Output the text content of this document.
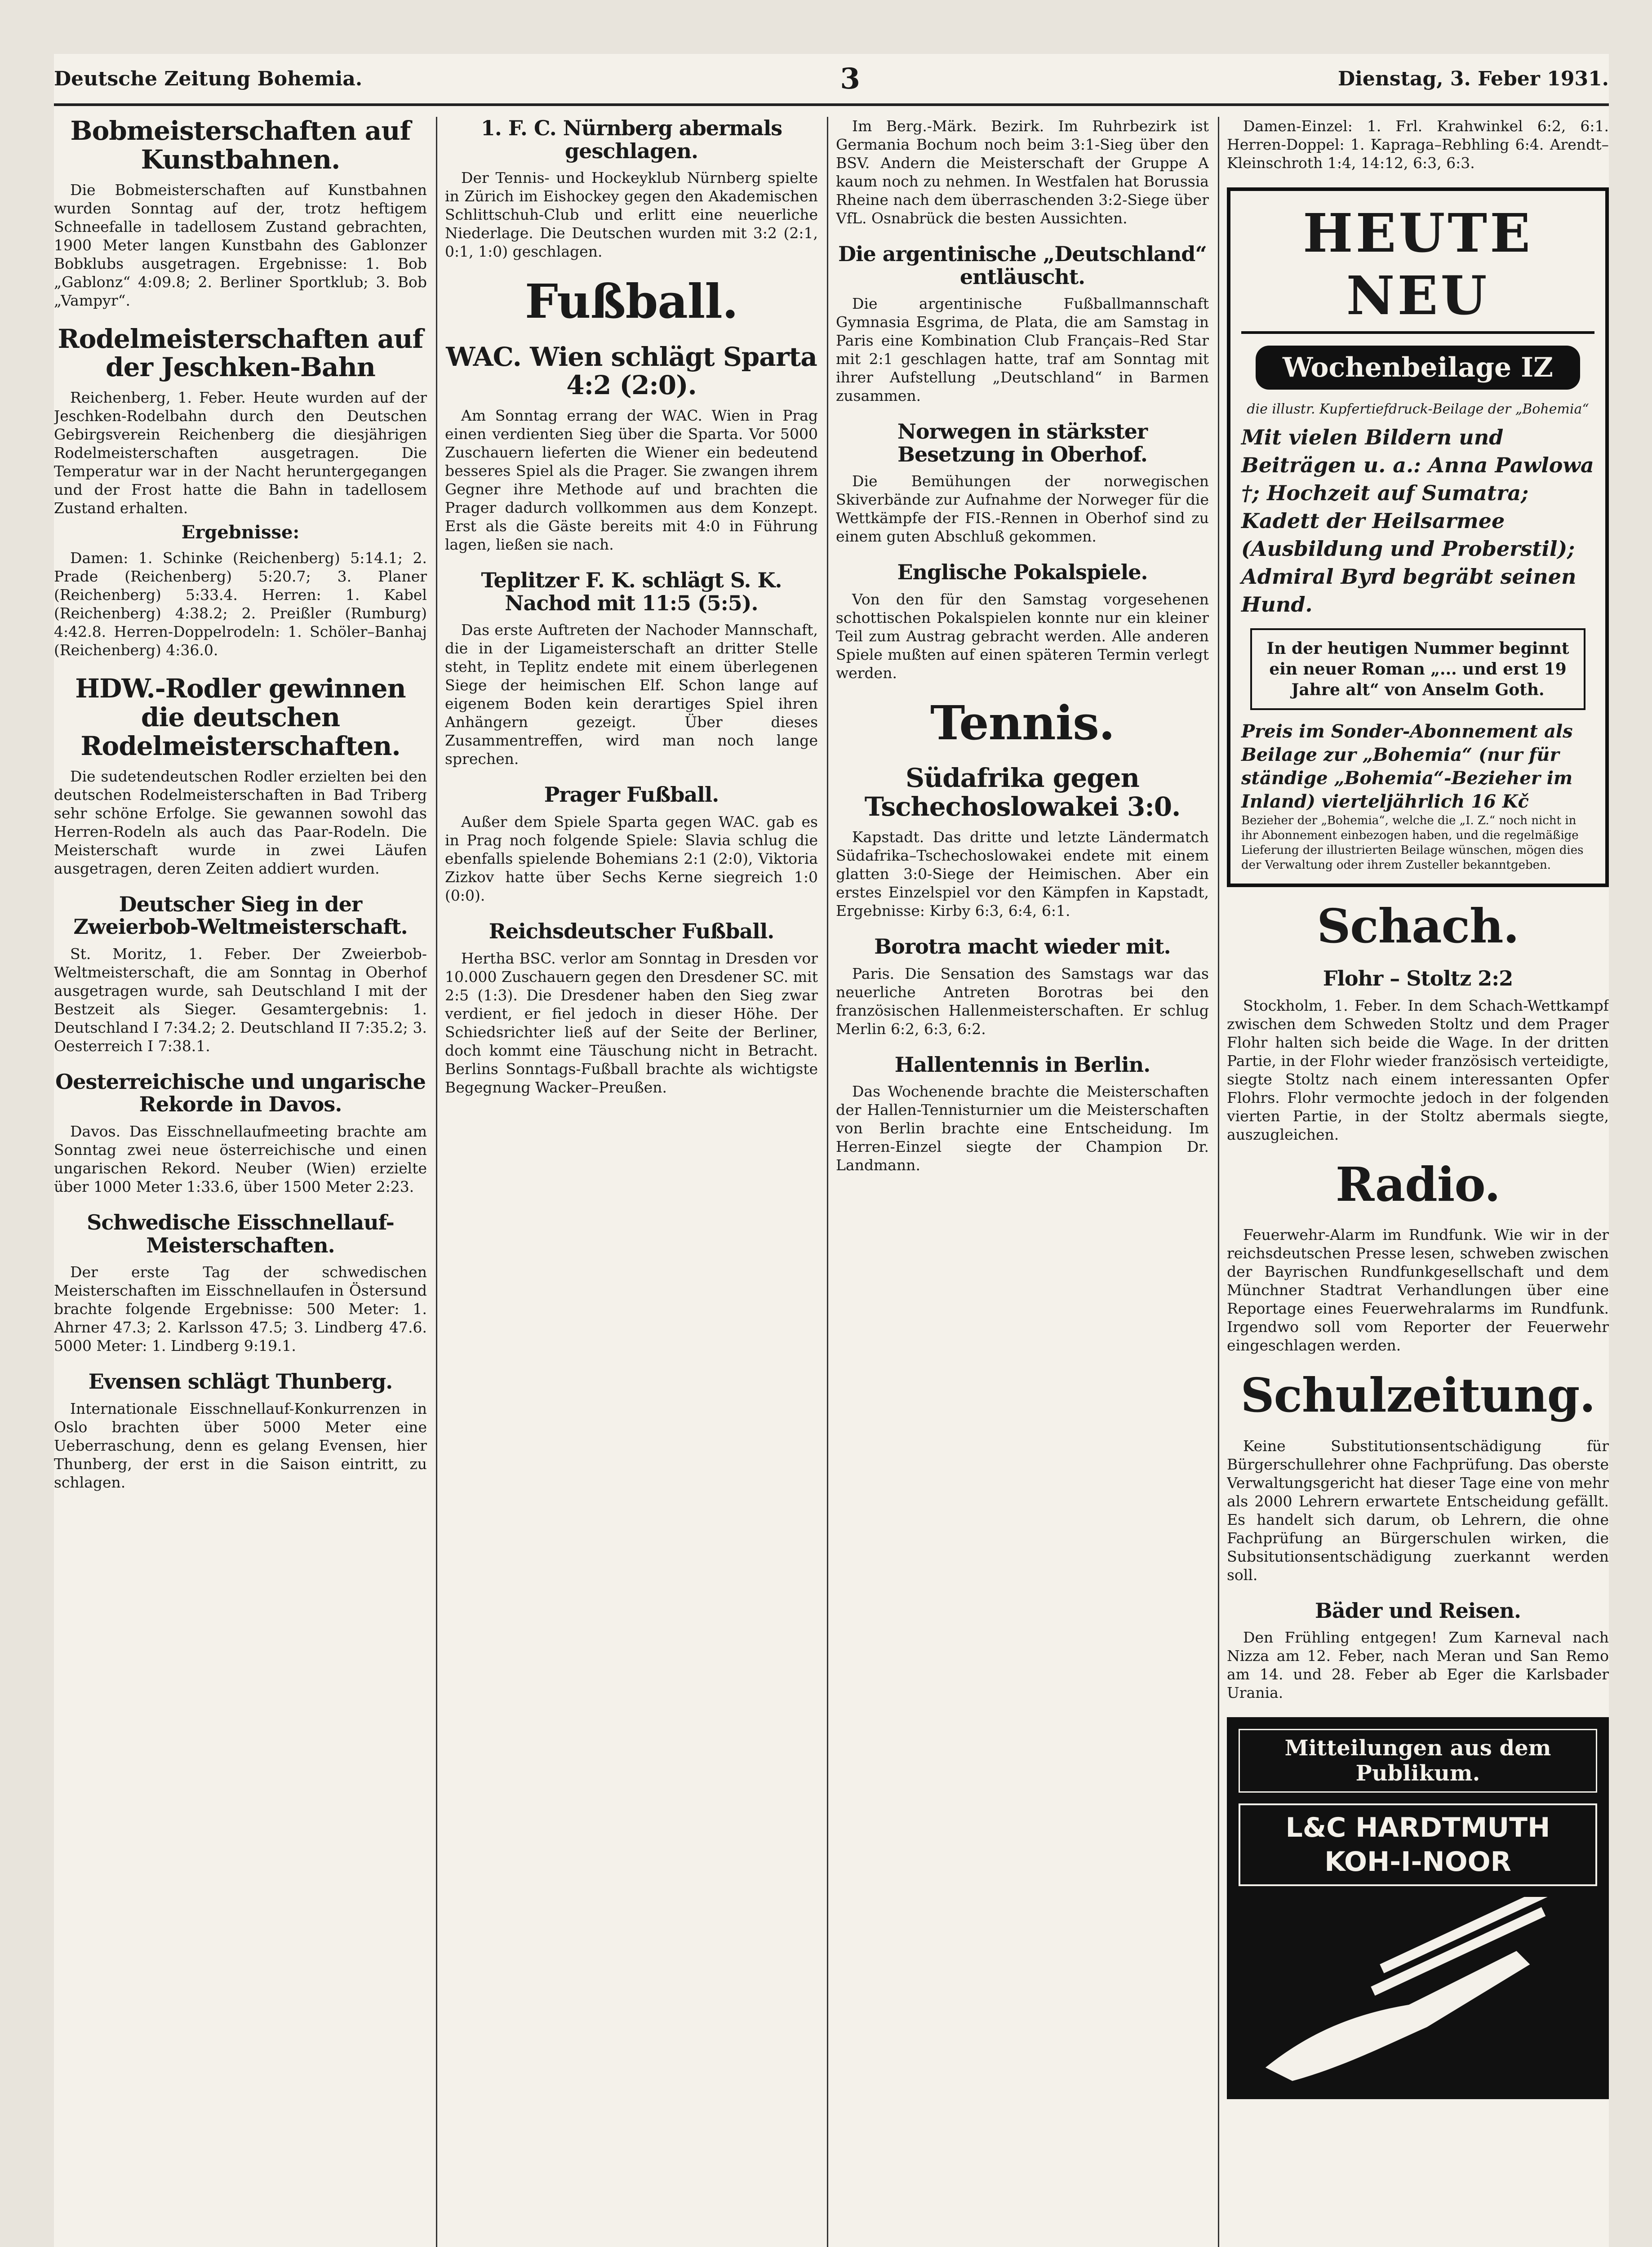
Deutsche Zeitung Bohemia.	3	Dienstag, 3. Feber 1931.
Bobmeisterschaften auf Kunstbahnen.

Die Bobmeisterschaften auf Kunstbahnen wurden Sonntag auf der, trotz heftigem Schneefalle in tadellosem Zustand gebrachten, 1900 Meter langen Kunstbahn des Gablonzer Bobklubs ausgetragen. Ergebnisse: 1. Bob „Gablonz“ 4:09.8; 2. Berliner Sportklub; 3. Bob „Vampyr“.

Rodelmeisterschaften auf der Jeschken-Bahn

Reichenberg, 1. Feber. Heute wurden auf der Jeschken-Rodelbahn durch den Deutschen Gebirgsverein Reichenberg die diesjährigen Rodelmeisterschaften ausgetragen. Die Temperatur war in der Nacht heruntergegangen und der Frost hatte die Bahn in tadellosem Zustand erhalten.

Ergebnisse:

Damen: 1. Schinke (Reichenberg) 5:14.1; 2. Prade (Reichenberg) 5:20.7; 3. Planer (Reichenberg) 5:33.4. Herren: 1. Kabel (Reichenberg) 4:38.2; 2. Preißler (Rumburg) 4:42.8. Herren-Doppelrodeln: 1. Schöler–Banhaj (Reichenberg) 4:36.0.

HDW.-Rodler gewinnen die deutschen Rodelmeisterschaften.

Die sudetendeutschen Rodler erzielten bei den deutschen Rodelmeisterschaften in Bad Triberg sehr schöne Erfolge. Sie gewannen sowohl das Herren-Rodeln als auch das Paar-Rodeln. Die Meisterschaft wurde in zwei Läufen ausgetragen, deren Zeiten addiert wurden.

Deutscher Sieg in der Zweierbob-Weltmeisterschaft.

St. Moritz, 1. Feber. Der Zweierbob-Weltmeisterschaft, die am Sonntag in Oberhof ausgetragen wurde, sah Deutschland I mit der Bestzeit als Sieger. Gesamtergebnis: 1. Deutschland I 7:34.2; 2. Deutschland II 7:35.2; 3. Oesterreich I 7:38.1.

Oesterreichische und ungarische Rekorde in Davos.

Davos. Das Eisschnellaufmeeting brachte am Sonntag zwei neue österreichische und einen ungarischen Rekord. Neuber (Wien) erzielte über 1000 Meter 1:33.6, über 1500 Meter 2:23.

Schwedische Eisschnellauf-Meisterschaften.

Der erste Tag der schwedischen Meisterschaften im Eisschnellaufen in Östersund brachte folgende Ergebnisse: 500 Meter: 1. Ahrner 47.3; 2. Karlsson 47.5; 3. Lindberg 47.6. 5000 Meter: 1. Lindberg 9:19.1.

Evensen schlägt Thunberg.

Internationale Eisschnellauf-Konkurrenzen in Oslo brachten über 5000 Meter eine Ueberraschung, denn es gelang Evensen, hier Thunberg, der erst in die Saison eintritt, zu schlagen.

1. F. C. Nürnberg abermals geschlagen.

Der Tennis- und Hockeyklub Nürnberg spielte in Zürich im Eishockey gegen den Akademischen Schlittschuh-Club und erlitt eine neuerliche Niederlage. Die Deutschen wurden mit 3:2 (2:1, 0:1, 1:0) geschlagen.

Fußball.
WAC. Wien schlägt Sparta 4:2 (2:0).

Am Sonntag errang der WAC. Wien in Prag einen verdienten Sieg über die Sparta. Vor 5000 Zuschauern lieferten die Wiener ein bedeutend besseres Spiel als die Prager. Sie zwangen ihrem Gegner ihre Methode auf und brachten die Prager dadurch vollkommen aus dem Konzept. Erst als die Gäste bereits mit 4:0 in Führung lagen, ließen sie nach.

Teplitzer F. K. schlägt S. K. Nachod mit 11:5 (5:5).

Das erste Auftreten der Nachoder Mannschaft, die in der Ligameisterschaft an dritter Stelle steht, in Teplitz endete mit einem überlegenen Siege der heimischen Elf. Schon lange auf eigenem Boden kein derartiges Spiel ihren Anhängern gezeigt. Über dieses Zusammentreffen, wird man noch lange sprechen.

Prager Fußball.

Außer dem Spiele Sparta gegen WAC. gab es in Prag noch folgende Spiele: Slavia schlug die ebenfalls spielende Bohemians 2:1 (2:0), Viktoria Zizkov hatte über Sechs Kerne siegreich 1:0 (0:0).

Reichsdeutscher Fußball.

Hertha BSC. verlor am Sonntag in Dresden vor 10.000 Zuschauern gegen den Dresdener SC. mit 2:5 (1:3). Die Dresdener haben den Sieg zwar verdient, er fiel jedoch in dieser Höhe. Der Schiedsrichter ließ auf der Seite der Berliner, doch kommt eine Täuschung nicht in Betracht. Berlins Sonntags-Fußball brachte als wichtigste Begegnung Wacker–Preußen.

Im Berg.-Märk. Bezirk. Im Ruhrbezirk ist Germania Bochum noch beim 3:1-Sieg über den BSV. Andern die Meisterschaft der Gruppe A kaum noch zu nehmen. In Westfalen hat Borussia Rheine nach dem überraschenden 3:2-Siege über VfL. Osnabrück die besten Aussichten.

Die argentinische „Deutschland“ entläuscht.

Die argentinische Fußballmannschaft Gymnasia Esgrima, de Plata, die am Samstag in Paris eine Kombination Club Français–Red Star mit 2:1 geschlagen hatte, traf am Sonntag mit ihrer Aufstellung „Deutschland“ in Barmen zusammen.

Norwegen in stärkster Besetzung in Oberhof.

Die Bemühungen der norwegischen Skiverbände zur Aufnahme der Norweger für die Wettkämpfe der FIS.-Rennen in Oberhof sind zu einem guten Abschluß gekommen.

Englische Pokalspiele.

Von den für den Samstag vorgesehenen schottischen Pokalspielen konnte nur ein kleiner Teil zum Austrag gebracht werden. Alle anderen Spiele mußten auf einen späteren Termin verlegt werden.

Tennis.
Südafrika gegen Tschechoslowakei 3:0.

Kapstadt. Das dritte und letzte Ländermatch Südafrika–Tschechoslowakei endete mit einem glatten 3:0-Siege der Heimischen. Aber ein erstes Einzelspiel vor den Kämpfen in Kapstadt, Ergebnisse: Kirby 6:3, 6:4, 6:1.

Borotra macht wieder mit.

Paris. Die Sensation des Samstags war das neuerliche Antreten Borotras bei den französischen Hallenmeisterschaften. Er schlug Merlin 6:2, 6:3, 6:2.

Hallentennis in Berlin.

Das Wochenende brachte die Meisterschaften der Hallen-Tennisturnier um die Meisterschaften von Berlin brachte eine Entscheidung. Im Herren-Einzel siegte der Champion Dr. Landmann.

Damen-Einzel: 1. Frl. Krahwinkel 6:2, 6:1. Herren-Doppel: 1. Kapraga–Rebhling 6:4. Arendt–Kleinschroth 1:4, 14:12, 6:3, 6:3.

HEUTE NEU
Wochenbeilage IZ
die illustr. Kupfertiefdruck-Beilage der „Bohemia“
Mit vielen Bildern und Beiträgen u. a.: Anna Pawlowa †; Hochzeit auf Sumatra; Kadett der Heilsarmee (Ausbildung und Proberstil); Admiral Byrd begräbt seinen Hund.
In der heutigen Nummer beginnt ein neuer Roman „... und erst 19 Jahre alt“ von Anselm Goth.
Preis im Sonder-Abonnement als Beilage zur „Bohemia“ (nur für ständige „Bohemia“-Bezieher im Inland) vierteljährlich 16 Kč
Bezieher der „Bohemia“, welche die „I. Z.“ noch nicht in ihr Abonnement einbezogen haben, und die regelmäßige Lieferung der illustrierten Beilage wünschen, mögen dies der Verwaltung oder ihrem Zusteller bekanntgeben.
Schach.
Flohr – Stoltz 2:2

Stockholm, 1. Feber. In dem Schach-Wettkampf zwischen dem Schweden Stoltz und dem Prager Flohr halten sich beide die Wage. In der dritten Partie, in der Flohr wieder französisch verteidigte, siegte Stoltz nach einem interessanten Opfer Flohrs. Flohr vermochte jedoch in der folgenden vierten Partie, in der Stoltz abermals siegte, auszugleichen.

Radio.

Feuerwehr-Alarm im Rundfunk. Wie wir in der reichsdeutschen Presse lesen, schweben zwischen der Bayrischen Rundfunkgesellschaft und dem Münchner Stadtrat Verhandlungen über eine Reportage eines Feuerwehralarms im Rundfunk. Irgendwo soll vom Reporter der Feuerwehr eingeschlagen werden.

Schulzeitung.

Keine Substitutionsentschädigung für Bürgerschullehrer ohne Fachprüfung. Das oberste Verwaltungsgericht hat dieser Tage eine von mehr als 2000 Lehrern erwartete Entscheidung gefällt. Es handelt sich darum, ob Lehrern, die ohne Fachprüfung an Bürgerschulen wirken, die Subsitutionsentschädigung zuerkannt werden soll.

Bäder und Reisen.

Den Frühling entgegen! Zum Karneval nach Nizza am 12. Feber, nach Meran und San Remo am 14. und 28. Feber ab Eger die Karlsbader Urania.

Mitteilungen aus dem Publikum.
L&C HARDTMUTH KOH-I-NOOR
